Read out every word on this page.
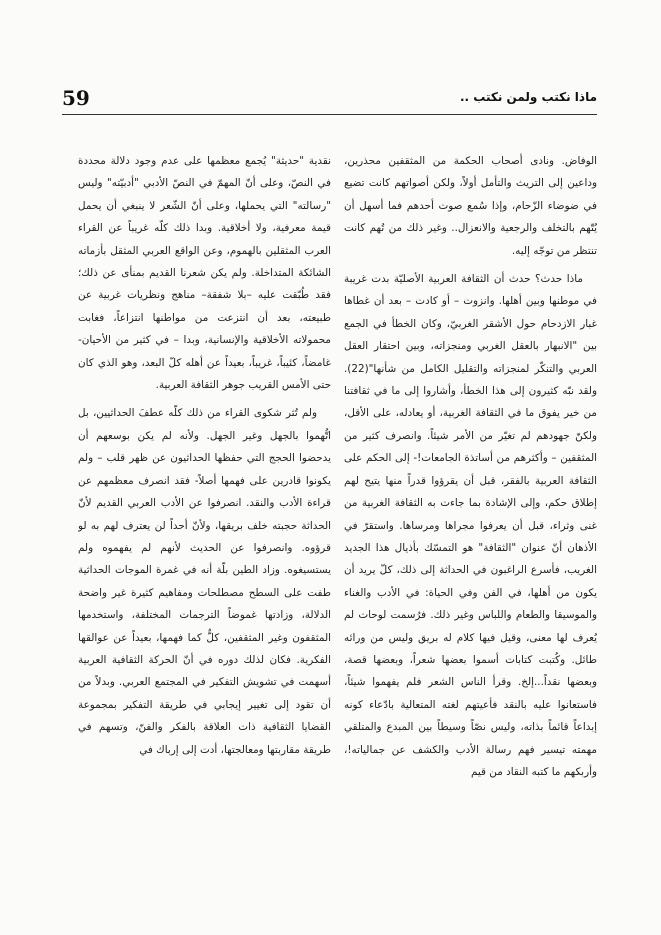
59	ماذا نكتب ولمن نكتب ..

الوفاض. ونادى أصحاب الحكمة من المثقفين محذرين، وداعين إلى التريث والتأمل أولاً، ولكن أصواتهم كانت تضيع في ضوضاء الزّحام، وإذا سُمع صوت أحدهم فما أسهل أن يُتّهم بالتخلف والرجعية والانعزال.. وغير ذلك من تُهم كانت تنتظر من توجّه إليه.

ماذا حدث؟ حدث أن الثقافة العربية الأصليّة بدت غريبة في موطنها وبين أهلها. وانزوت – أو كادت – بعد أن غطاها غبار الازدحام حول الأشقر الغربيّ، وكان الخطأ في الجمع بين "الانبهار بالعقل الغربي ومنجزاته، وبين احتقار العقل العربي والتنكّر لمنجزاته والتقليل الكامل من شأنها"(22). ولقد نبّه كثيرون إلى هذا الخطأ، وأشاروا إلى ما في ثقافتنا من خير يفوق ما في الثقافة الغربية، أو يعادله، على الأقل، ولكنّ جهودهم لم تغيّر من الأمر شيئاً. وانصرف كثير من المثقفين – وأكثرهم من أساتذة الجامعات!- إلى الحكم على الثقافة العربية بالفقر، قبل أن يقرؤوا قدراً منها يتيح لهم إطلاق حكم، وإلى الإشادة بما جاءت به الثقافة الغربية من غنى وثراء، قبل أن يعرفوا مجراها ومرساها. واستقرّ في الأذهان أنّ عنوان "الثقافة" هو التمسّك بأذيال هذا الجديد الغريب، فأسرع الراغبون في الحداثة إلى ذلك، كلّ يريد أن يكون من أهلها، في الفن وفي الحياة: في الأدب والغناء والموسيقا والطعام واللباس وغير ذلك. فرُسمت لوحات لم يُعرف لها معنى، وقيل فيها كلام له بريق وليس من ورائه طائل. وكُتبت كتابات أسموا بعضها شعراً، وبعضها قصة، وبعضها نقداً...إلخ. وقرأ الناس الشعر فلم يفهموا شيئاً، فاستعانوا عليه بالنقد فأعيتهم لغته المتعالية بادّعاء كونه إبداعاً قائماً بذاته، وليس نصّاً وسيطاً بين المبدع والمتلقي مهمته تيسير فهم رسالة الأدب والكشف عن جمالياته!، وأربكهم ما كتبه النقاد من قيم

نقدية "حديثة" يُجمع معظمها على عدم وجود دلالة محددة في النصّ، وعلى أنّ المهمّ في النصّ الأدبي "أدبيّته" وليس "رسالته" التي يحملها، وعلى أنّ الشّعر لا ينبغي أن يحمل قيمة معرفية، ولا أخلاقية. وبدا ذلك كلّه غريباً عن القراء العرب المثقلين بالهموم، وعن الواقع العربي المثقل بأزماته الشائكة المتداخلة. ولم يكن شعرنا القديم بمنأى عن ذلك؛ فقد طُبّقت عليه –بلا شفقة– مناهج ونظريات غربية عن طبيعته، بعد أن انتزعت من مواطنها انتزاعاً، فغابت محمولاته الأخلاقية والإنسانية، وبدا – في كثير من الأحيان- غامضاً، كئيباً، غريباً، بعيداً عن أهله كلّ البعد، وهو الذي كان حتى الأمس القريب جوهر الثقافة العربية.

ولم تُثر شكوى القراء من ذلك كلّه عطفَ الحداثيين، بل اتُّهموا بالجهل وغير الجهل. ولأنه لم يكن بوسعهم أن يدحضوا الحجج التي حفظها الحداثيون عن ظهر قلب – ولم يكونوا قادرين على فهمها أصلاً- فقد انصرف معظمهم عن قراءة الأدب والنقد. انصرفوا عن الأدب العربي القديم لأنّ الحداثة حجبته خلف بريقها، ولأنّ أحداً لن يعترف لهم به لو قرؤوه. وانصرفوا عن الحديث لأنهم لم يفهموه ولم يستسيغوه. وزاد الطين بلّة أنه في غمرة الموجات الحداثية طفت على السطح مصطلحات ومفاهيم كثيرة غير واضحة الدلالة، وزادتها غموضاً الترجمات المختلفة، واستخدمها المثقفون وغير المثقفين، كلٌّ كما فهمها، بعيداً عن عوالقها الفكرية. فكان لذلك دوره في أنّ الحركة الثقافية العربية أسهمت في تشويش التفكير في المجتمع العربي. وبدلاً من أن تقود إلى تغيير إيجابي في طريقة التفكير بمجموعة القضايا الثقافية ذات العلاقة بالفكر والفنّ، وتسهم في طريقة مقاربتها ومعالجتها، أدت إلى إرباك في
